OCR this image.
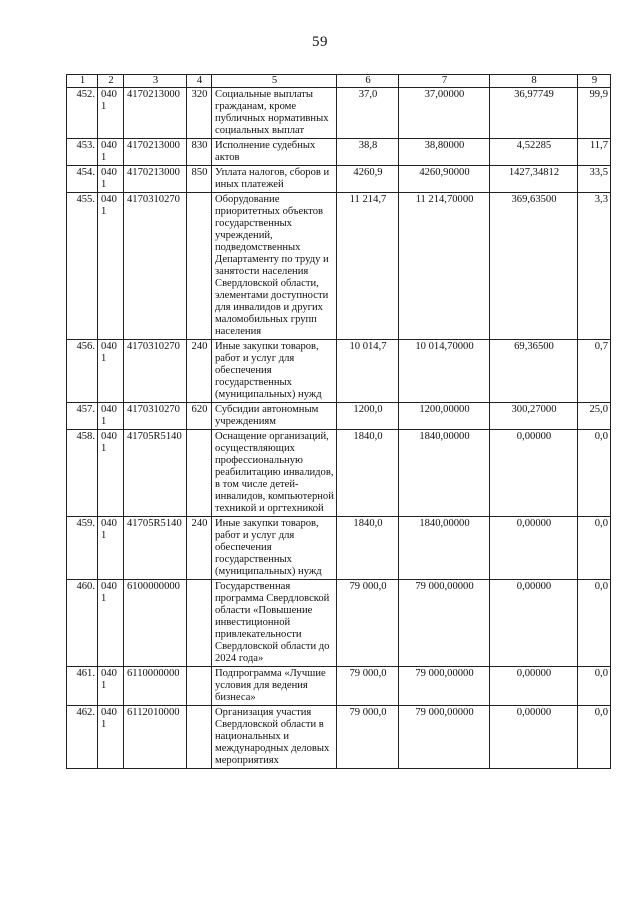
59
1	2	3	4	5	6	7	8	9
452.	0401	4170213000	320	Социальные выплаты гражданам, кроме публичных нормативных социальных выплат	37,0	37,00000	36,97749	99,9
453.	0401	4170213000	830	Исполнение судебных актов	38,8	38,80000	4,52285	11,7
454.	0401	4170213000	850	Уплата налогов, сборов и иных платежей	4260,9	4260,90000	1427,34812	33,5
455.	0401	4170310270		Оборудование приоритетных объектов государственных учреждений, подведомственных Департаменту по труду и занятости населения Свердловской области, элементами доступности для инвалидов и других маломобильных групп населения	11 214,7	11 214,70000	369,63500	3,3
456.	0401	4170310270	240	Иные закупки товаров, работ и услуг для обеспечения государственных (муниципальных) нужд	10 014,7	10 014,70000	69,36500	0,7
457.	0401	4170310270	620	Субсидии автономным учреждениям	1200,0	1200,00000	300,27000	25,0
458.	0401	41705R5140		Оснащение организаций, осуществляющих профессиональную реабилитацию инвалидов, в том числе детей-инвалидов, компьютерной техникой и оргтехникой	1840,0	1840,00000	0,00000	0,0
459.	0401	41705R5140	240	Иные закупки товаров, работ и услуг для обеспечения государственных (муниципальных) нужд	1840,0	1840,00000	0,00000	0,0
460.	0401	6100000000		Государственная программа Свердловской области «Повышение инвестиционной привлекательности Свердловской области до 2024 года»	79 000,0	79 000,00000	0,00000	0,0
461.	0401	6110000000		Подпрограмма «Лучшие условия для ведения бизнеса»	79 000,0	79 000,00000	0,00000	0,0
462.	0401	6112010000		Организация участия Свердловской области в национальных и международных деловых мероприятиях	79 000,0	79 000,00000	0,00000	0,0
